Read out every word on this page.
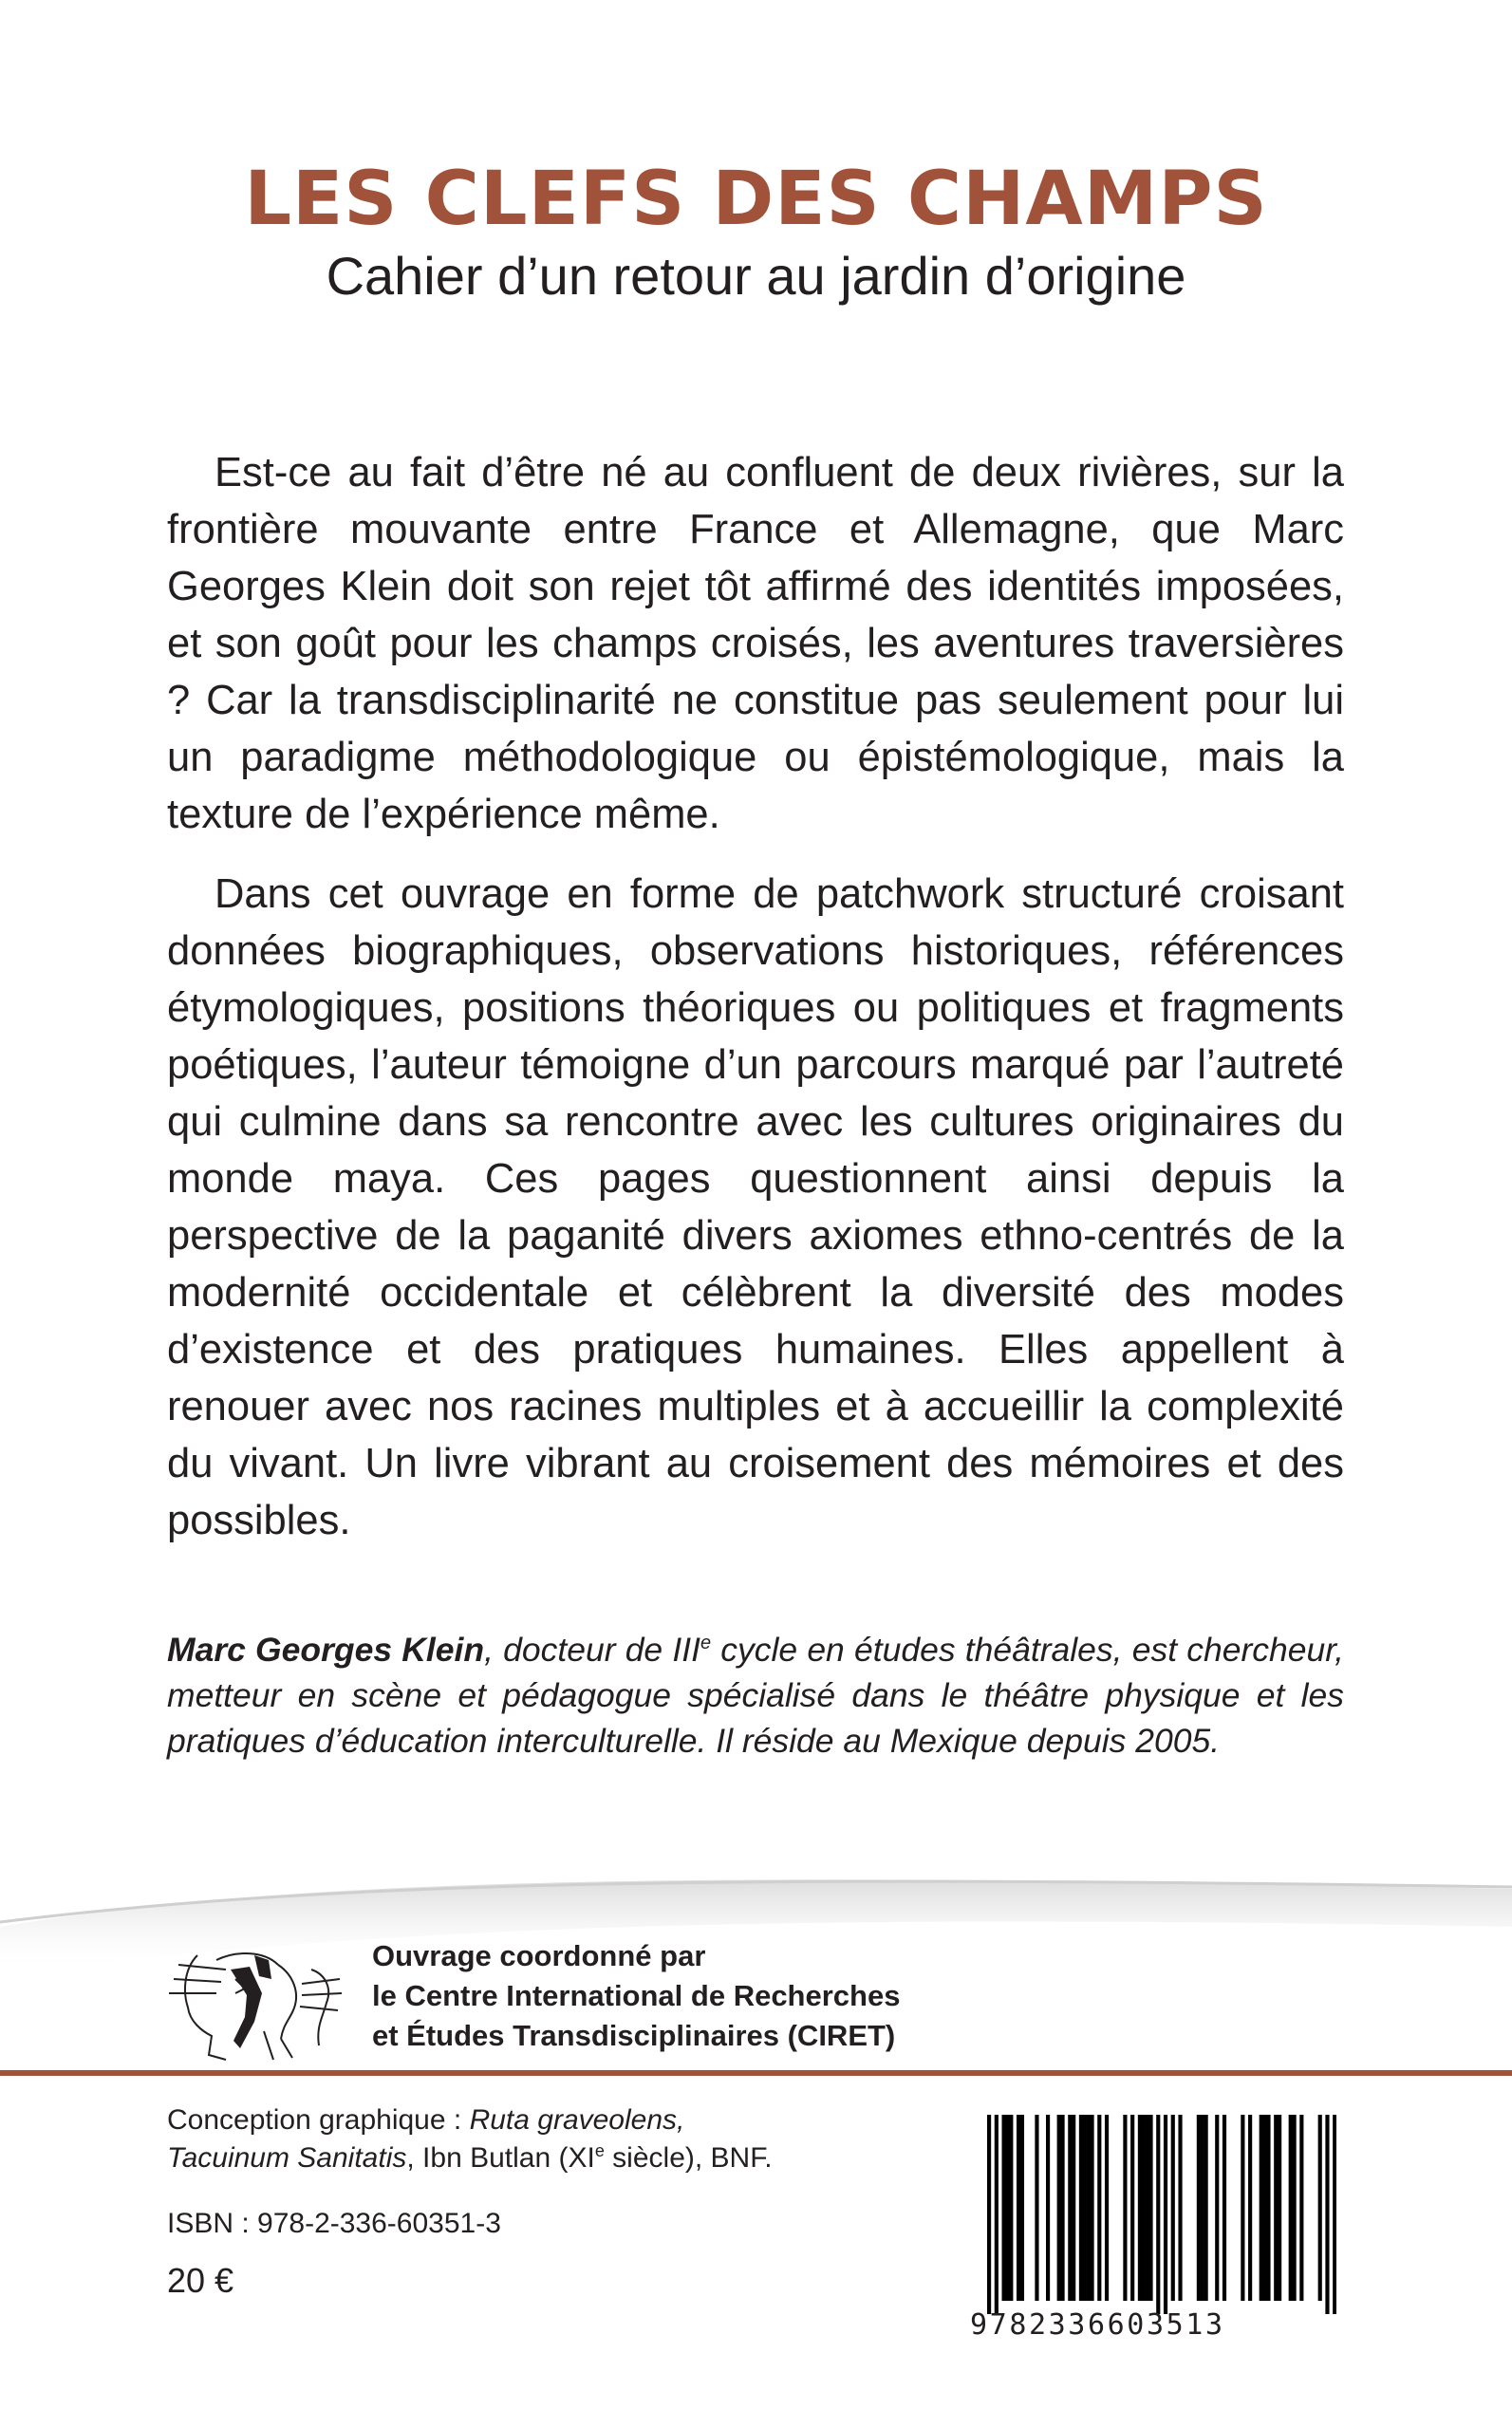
LES CLEFS DES CHAMPS
Cahier d’un retour au jardin d’origine

Est-ce au fait d’être né au confluent de deux rivières, sur la frontière mouvante entre France et Allemagne, que Marc Georges Klein doit son rejet tôt affirmé des identités imposées, et son goût pour les champs croisés, les aventures traversières ? Car la transdisciplinarité ne constitue pas seulement pour lui un paradigme méthodologique ou épistémologique, mais la texture de l’expérience même.

Dans cet ouvrage en forme de patchwork structuré croisant données biographiques, observations historiques, références étymologiques, positions théoriques ou politiques et fragments poétiques, l’auteur témoigne d’un parcours marqué par l’autreté qui culmine dans sa rencontre avec les cultures originaires du monde maya. Ces pages questionnent ainsi depuis la perspective de la paganité divers axiomes ethno-centrés de la modernité occidentale et célèbrent la diversité des modes d’existence et des pratiques humaines. Elles appellent à renouer avec nos racines multiples et à accueillir la complexité du vivant. Un livre vibrant au croisement des mémoires et des possibles.

Marc Georges Klein, docteur de IIIe cycle en études théâtrales, est chercheur, metteur en scène et pédagogue spécialisé dans le théâtre physique et les pratiques d’éducation interculturelle. Il réside au Mexique depuis 2005.

Ouvrage coordonné par
le Centre International de Recherches
et Études Transdisciplinaires (CIRET)

Conception graphique : Ruta graveolens,
Tacuinum Sanitatis, Ibn Butlan (XIe siècle), BNF.

ISBN : 978-2-336-60351-3
20 €
9782336603513
